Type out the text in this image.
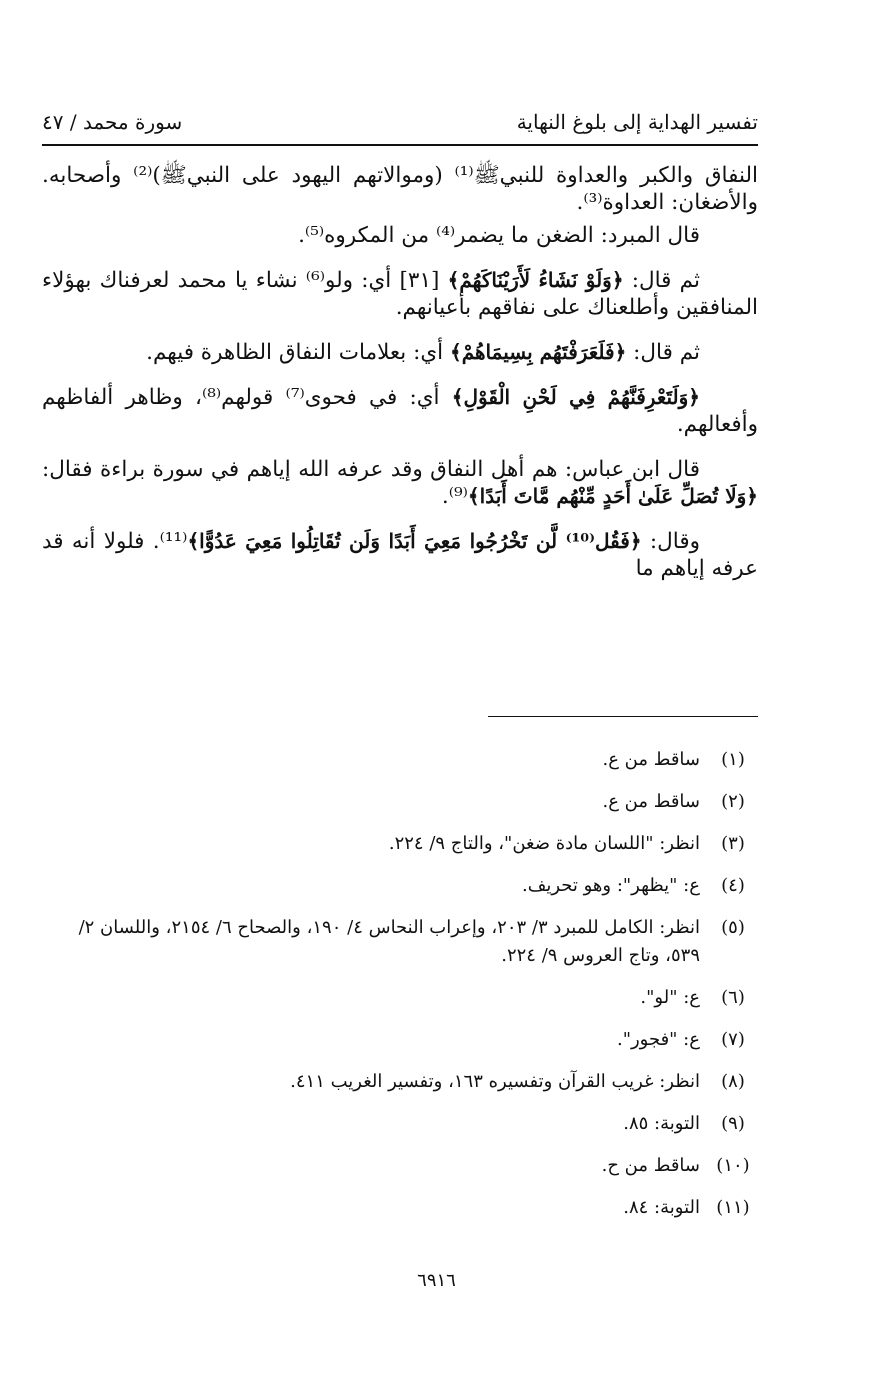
تفسير الهداية إلى بلوغ النهاية
سورة محمد / ٤٧

النفاق والكبر والعداوة للنبيﷺ⁽¹⁾ (وموالاتهم اليهود على النبيﷺ)⁽²⁾ وأصحابه. والأضغان: العداوة⁽³⁾.

قال المبرد: الضغن ما يضمر⁽⁴⁾ من المكروه⁽⁵⁾.

ثم قال: ﴿وَلَوْ نَشَاءُ لَأَرَيْنَاكَهُمْ﴾ [٣١] أي: ولو⁽⁶⁾ نشاء يا محمد لعرفناك بهؤلاء المنافقين وأطلعناك على نفاقهم بأعيانهم.

ثم قال: ﴿فَلَعَرَفْتَهُم بِسِيمَاهُمْ﴾ أي: بعلامات النفاق الظاهرة فيهم.

﴿وَلَتَعْرِفَنَّهُمْ فِي لَحْنِ الْقَوْلِ﴾ أي: في فحوى⁽⁷⁾ قولهم⁽⁸⁾، وظاهر ألفاظهم وأفعالهم.

قال ابن عباس: هم أهل النفاق وقد عرفه الله إياهم في سورة براءة فقال: ﴿وَلَا تُصَلِّ عَلَىٰ أَحَدٍ مِّنْهُم مَّاتَ أَبَدًا﴾⁽⁹⁾.

وقال: ﴿فَقُل⁽¹⁰⁾ لَّن تَخْرُجُوا مَعِيَ أَبَدًا وَلَن تُقَاتِلُوا مَعِيَ عَدُوًّا﴾⁽¹¹⁾. فلولا أنه قد عرفه إياهم ما

(١)
ساقط من ع.
(٢)
ساقط من ع.
(٣)
انظر: "اللسان مادة ضغن"، والتاج ٩/ ٢٢٤.
(٤)
ع: "يظهر": وهو تحريف.
(٥)
انظر: الكامل للمبرد ٣/ ٢٠٣، وإعراب النحاس ٤/ ١٩٠، والصحاح ٦/ ٢١٥٤، واللسان ٢/ ٥٣٩، وتاج العروس ٩/ ٢٢٤.
(٦)
ع: "لو".
(٧)
ع: "فجور".
(٨)
انظر: غريب القرآن وتفسيره ١٦٣، وتفسير الغريب ٤١١.
(٩)
التوبة: ٨٥.
(١٠)
ساقط من ح.
(١١)
التوبة: ٨٤.
٦٩١٦
